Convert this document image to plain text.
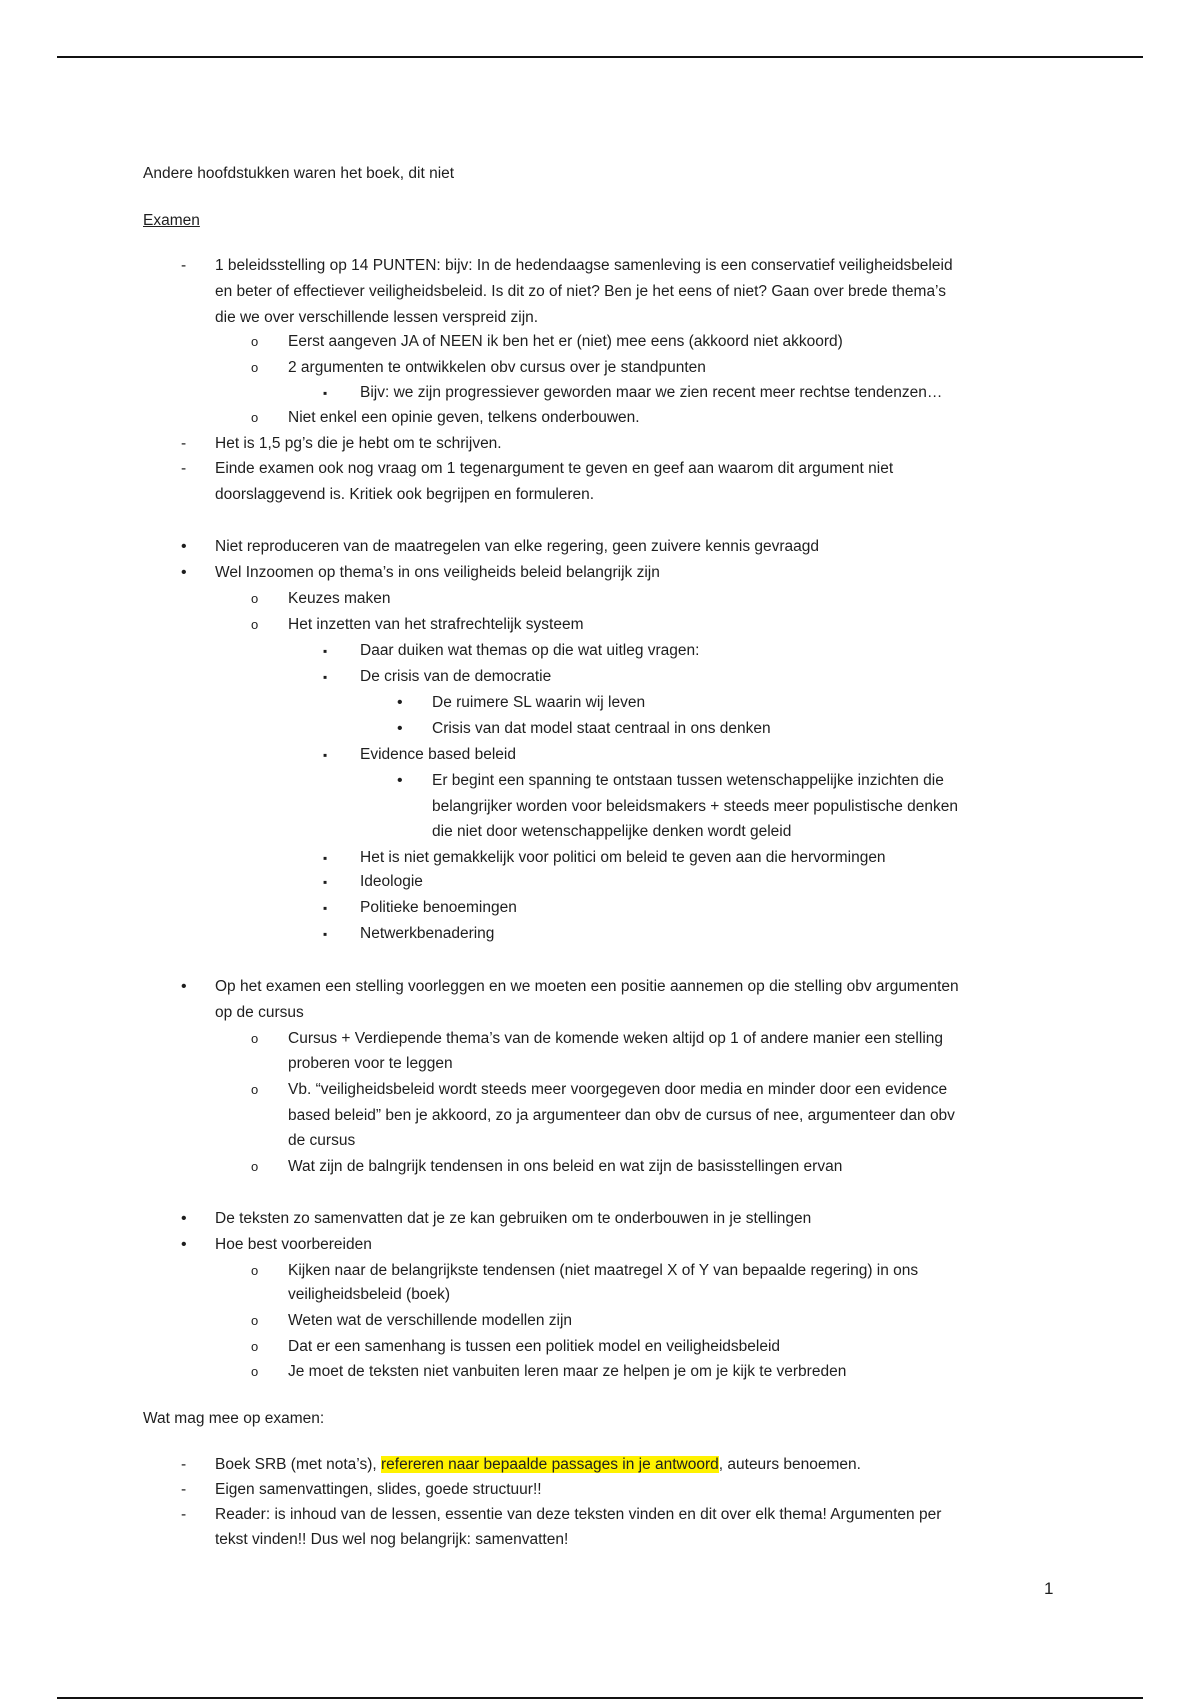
Andere hoofdstukken waren het boek, dit niet
Examen
-
1 beleidsstelling op 14 PUNTEN: bijv: In de hedendaagse samenleving is een conservatief veiligheidsbeleid
en beter of effectiever veiligheidsbeleid. Is dit zo of niet? Ben je het eens of niet? Gaan over brede thema’s
die we over verschillende lessen verspreid zijn.
o
Eerst aangeven JA of NEEN ik ben het er (niet) mee eens (akkoord niet akkoord)
o
2 argumenten te ontwikkelen obv cursus over je standpunten
▪
Bijv: we zijn progressiever geworden maar we zien recent meer rechtse tendenzen…
o
Niet enkel een opinie geven, telkens onderbouwen.
-
Het is 1,5 pg’s die je hebt om te schrijven.
-
Einde examen ook nog vraag om 1 tegenargument te geven en geef aan waarom dit argument niet
doorslaggevend is. Kritiek ook begrijpen en formuleren.
•
Niet reproduceren van de maatregelen van elke regering, geen zuivere kennis gevraagd
•
Wel Inzoomen op thema’s in ons veiligheids beleid belangrijk zijn
o
Keuzes maken
o
Het inzetten van het strafrechtelijk systeem
▪
Daar duiken wat themas op die wat uitleg vragen:
▪
De crisis van de democratie
•
De ruimere SL waarin wij leven
•
Crisis van dat model staat centraal in ons denken
▪
Evidence based beleid
•
Er begint een spanning te ontstaan tussen wetenschappelijke inzichten die
belangrijker worden voor beleidsmakers + steeds meer populistische denken
die niet door wetenschappelijke denken wordt geleid
▪
Het is niet gemakkelijk voor politici om beleid te geven aan die hervormingen
▪
Ideologie
▪
Politieke benoemingen
▪
Netwerkbenadering
•
Op het examen een stelling voorleggen en we moeten een positie aannemen op die stelling obv argumenten
op de cursus
o
Cursus + Verdiepende thema’s van de komende weken altijd op 1 of andere manier een stelling
proberen voor te leggen
o
Vb. “veiligheidsbeleid wordt steeds meer voorgegeven door media en minder door een evidence
based beleid” ben je akkoord, zo ja argumenteer dan obv de cursus of nee, argumenteer dan obv
de cursus
o
Wat zijn de balngrijk tendensen in ons beleid en wat zijn de basisstellingen ervan
•
De teksten zo samenvatten dat je ze kan gebruiken om te onderbouwen in je stellingen
•
Hoe best voorbereiden
o
Kijken naar de belangrijkste tendensen (niet maatregel X of Y van bepaalde regering) in ons
veiligheidsbeleid (boek)
o
Weten wat de verschillende modellen zijn
o
Dat er een samenhang is tussen een politiek model en veiligheidsbeleid
o
Je moet de teksten niet vanbuiten leren maar ze helpen je om je kijk te verbreden
Wat mag mee op examen:
-
Boek SRB (met nota’s), refereren naar bepaalde passages in je antwoord, auteurs benoemen.
-
Eigen samenvattingen, slides, goede structuur!!
-
Reader: is inhoud van de lessen, essentie van deze teksten vinden en dit over elk thema! Argumenten per
tekst vinden!! Dus wel nog belangrijk: samenvatten!
1
